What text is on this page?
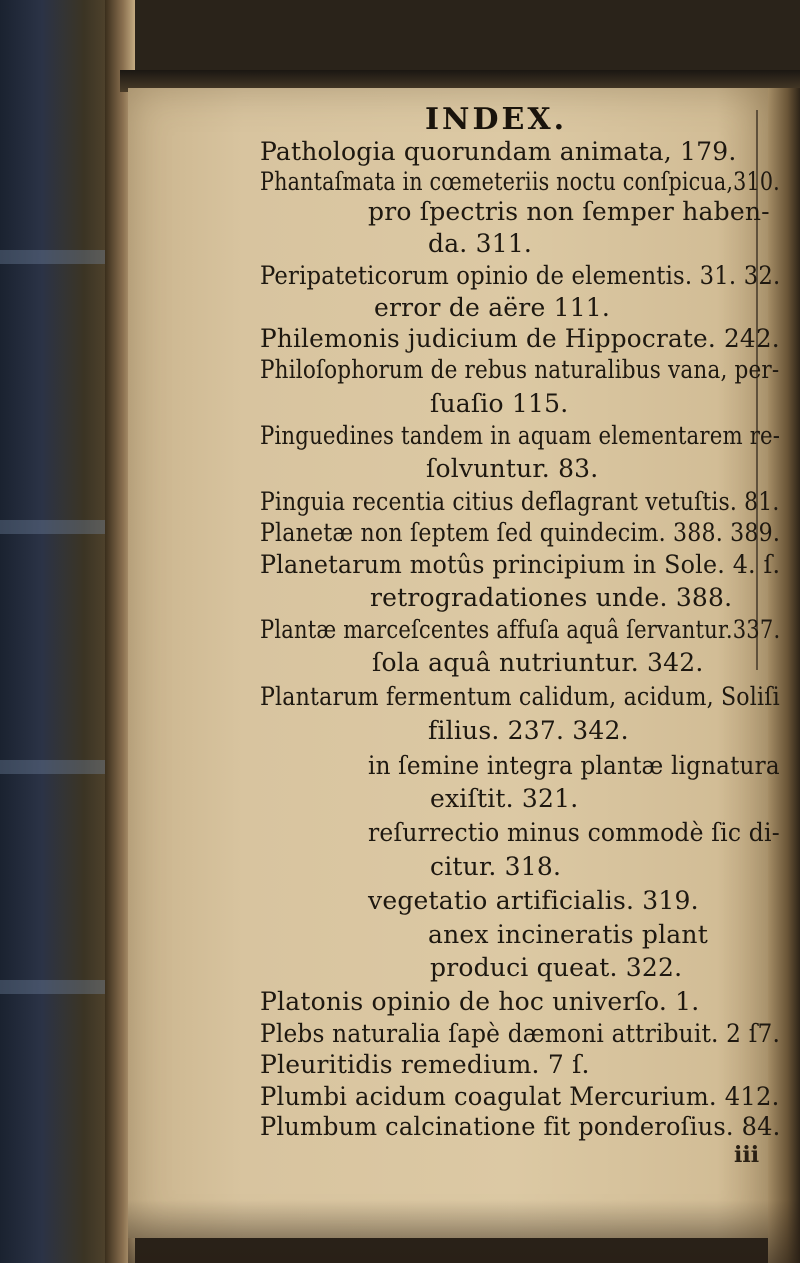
INDEX.
Pathologia quorundam animata, 179.
Phantaſmata in cœmeteriis noctu conſpicua,310.
pro ſpectris non ſemper haben-
da. 311.
Peripateticorum opinio de elementis. 31. 32.
error de aëre 111.
Philemonis judicium de Hippocrate. 242.
Philoſophorum de rebus naturalibus vana, per-
ſuaſio 115.
Pinguedines tandem in aquam elementarem re-
ſolvuntur. 83.
Pinguia recentia citius deflagrant vetuſtis. 81.
Planetæ non ſeptem ſed quindecim. 388. 389.
Planetarum motûs principium in Sole. 4. ſ.
retrogradationes unde. 388.
Plantæ marceſcentes affuſa aquâ ſervantur.337.
ſola aquâ nutriuntur. 342.
Plantarum fermentum calidum, acidum, Soliſi
filius. 237. 342.
in ſemine integra plantæ lignatura
exiſtit. 321.
reſurrectio minus commodè ſic di-
citur. 318.
vegetatio artificialis. 319.
anex incineratis plant
produci queat. 322.
Platonis opinio de hoc univerſo. 1.
Plebs naturalia ſapè dæmoni attribuit. 2 ſ7.
Pleuritidis remedium. 7 ſ.
Plumbi acidum coagulat Mercurium. 412.
Plumbum calcinatione fit ponderoſius. 84.
iii
